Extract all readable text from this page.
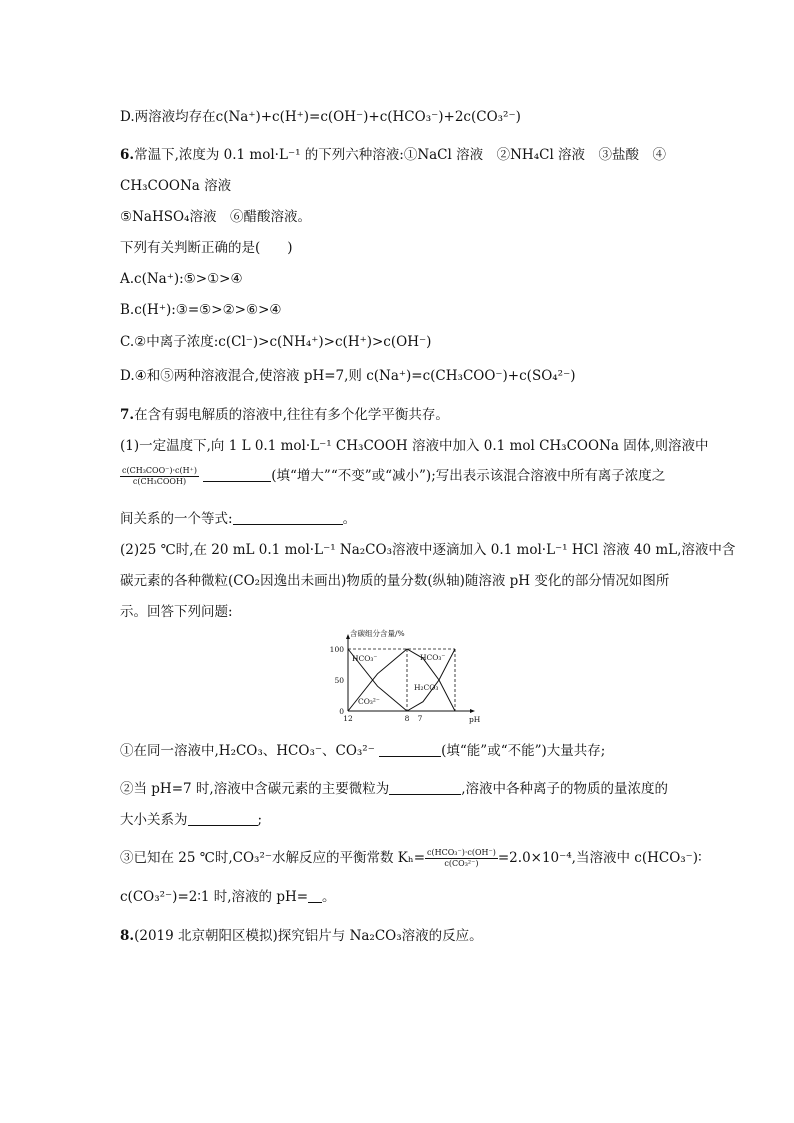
D.两溶液均存在c(Na⁺)+c(H⁺)=c(OH⁻)+c(HCO₃⁻)+2c(CO₃²⁻)
6.常温下,浓度为 0.1 mol·L⁻¹ 的下列六种溶液:①NaCl 溶液　②NH₄Cl 溶液　③盐酸　④
CH₃COONa 溶液
⑤NaHSO₄溶液　⑥醋酸溶液。
下列有关判断正确的是(　　)
A.c(Na⁺):⑤>①>④
B.c(H⁺):③=⑤>②>⑥>④
C.②中离子浓度:c(Cl⁻)>c(NH₄⁺)>c(H⁺)>c(OH⁻)
D.④和⑤两种溶液混合,使溶液 pH=7,则 c(Na⁺)=c(CH₃COO⁻)+c(SO₄²⁻)
7.在含有弱电解质的溶液中,往往有多个化学平衡共存。
(1)一定温度下,向 1 L 0.1 mol·L⁻¹ CH₃COOH 溶液中加入 0.1 mol CH₃COONa 固体,则溶液中
$\frac{\text{c(CH₃COO⁻)·c(H⁺)}}{\text{c(CH₃COOH)}}$	(填“增大”“不变”或“减小”);写出表示该混合溶液中所有离子浓度之
间关系的一个等式:	。
(2)25 ℃时,在 20 mL 0.1 mol·L⁻¹ Na₂CO₃溶液中逐滴加入 0.1 mol·L⁻¹ HCl 溶液 40 mL,溶液中含
碳元素的各种微粒(CO₂因逸出未画出)物质的量分数(纵轴)随溶液 pH 变化的部分情况如图所
示。回答下列问题:
含碳组分含量/%
pH
100
50
0
12	8 7
HCO₃⁻
CO₃²⁻
HCO₃⁻
H₂CO₃
①在同一溶液中,H₂CO₃、HCO₃⁻、CO₃²⁻	(填“能”或“不能”)大量共存;
②当 pH=7 时,溶液中含碳元素的主要微粒为	,溶液中各种离子的物质的量浓度的
大小关系为	;
③已知在 25 ℃时,CO₃²⁻水解反应的平衡常数 $K_h= \frac{\text{c(HCO₃⁻)·c(OH⁻)}}{\text{c(CO₃²⁻)}} =2.0\times 10^{-4}$,当溶液中 c(HCO₃⁻)∶
c(CO₃²⁻)=2∶1 时,溶液的 pH= 。
8.(2019 北京朝阳区模拟)探究铝片与 Na₂CO₃溶液的反应。
